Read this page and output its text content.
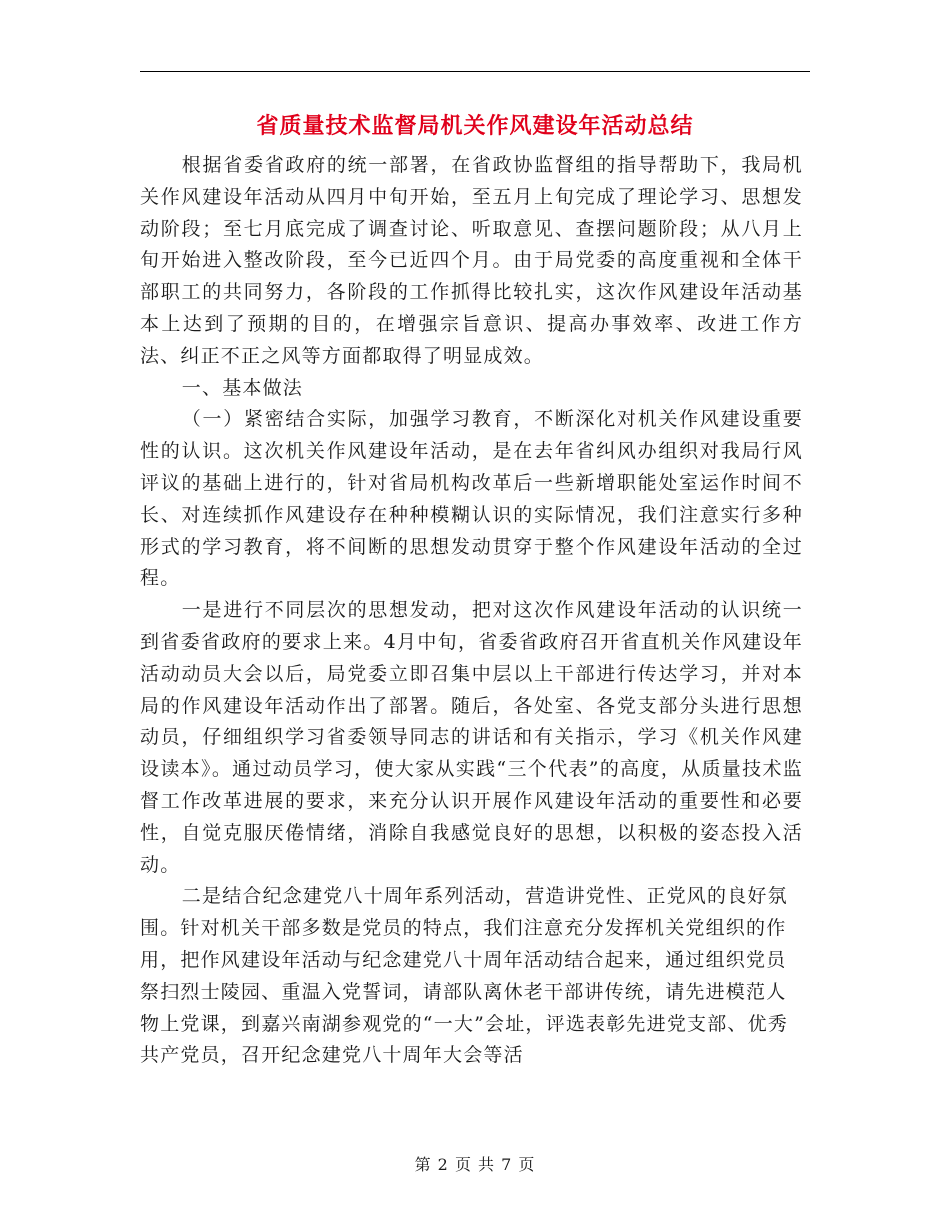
省质量技术监督局机关作风建设年活动总结

根据省委省政府的统一部署，在省政协监督组的指导帮助下，我局机关作风建设年活动从四月中旬开始，至五月上旬完成了理论学习、思想发动阶段；至七月底完成了调查讨论、听取意见、查摆问题阶段；从八月上旬开始进入整改阶段，至今已近四个月。由于局党委的高度重视和全体干部职工的共同努力，各阶段的工作抓得比较扎实，这次作风建设年活动基本上达到了预期的目的，在增强宗旨意识、提高办事效率、改进工作方法、纠正不正之风等方面都取得了明显成效。

一、基本做法

（一）紧密结合实际，加强学习教育，不断深化对机关作风建设重要性的认识。这次机关作风建设年活动，是在去年省纠风办组织对我局行风评议的基础上进行的，针对省局机构改革后一些新增职能处室运作时间不长、对连续抓作风建设存在种种模糊认识的实际情况，我们注意实行多种形式的学习教育，将不间断的思想发动贯穿于整个作风建设年活动的全过程。

一是进行不同层次的思想发动，把对这次作风建设年活动的认识统一到省委省政府的要求上来。4月中旬，省委省政府召开省直机关作风建设年活动动员大会以后，局党委立即召集中层以上干部进行传达学习，并对本局的作风建设年活动作出了部署。随后，各处室、各党支部分头进行思想动员，仔细组织学习省委领导同志的讲话和有关指示，学习《机关作风建设读本》。通过动员学习，使大家从实践“三个代表”的高度，从质量技术监督工作改革进展的要求，来充分认识开展作风建设年活动的重要性和必要性，自觉克服厌倦情绪，消除自我感觉良好的思想，以积极的姿态投入活动。

二是结合纪念建党八十周年系列活动，营造讲党性、正党风的良好氛围。针对机关干部多数是党员的特点，我们注意充分发挥机关党组织的作用，把作风建设年活动与纪念建党八十周年活动结合起来，通过组织党员祭扫烈士陵园、重温入党誓词，请部队离休老干部讲传统，请先进模范人物上党课，到嘉兴南湖参观党的“一大”会址，评选表彰先进党支部、优秀共产党员，召开纪念建党八十周年大会等活

第 2 页 共 7 页
